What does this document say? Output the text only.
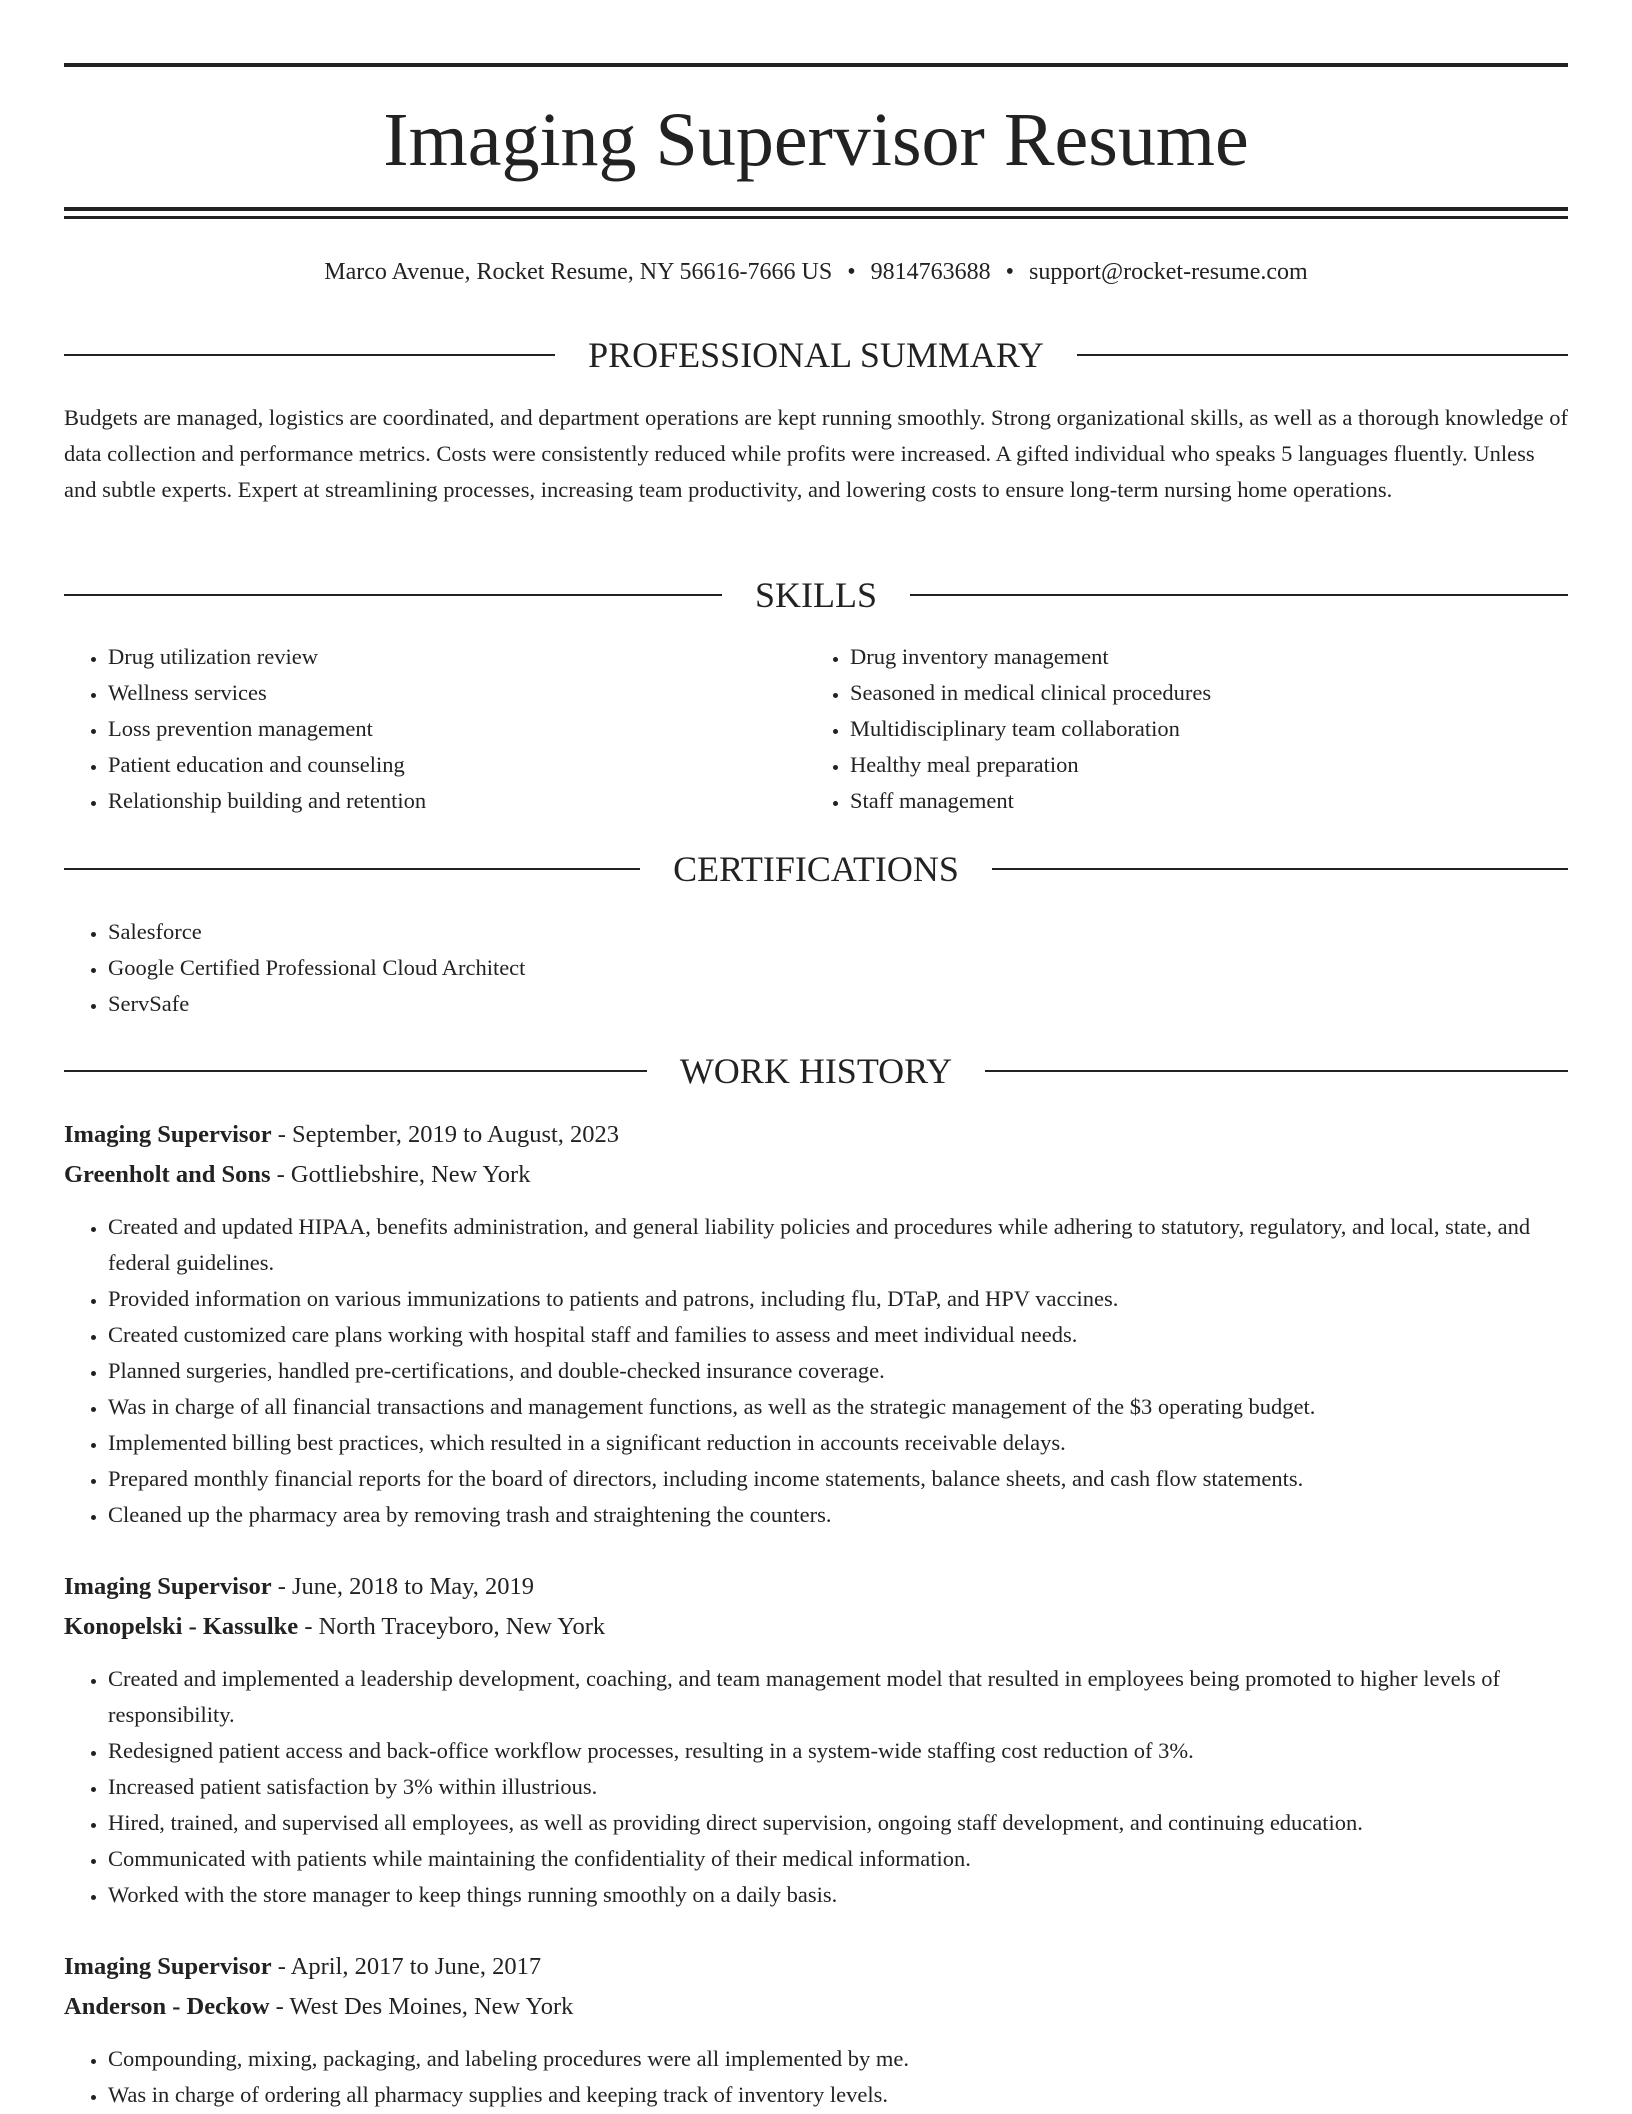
Imaging Supervisor Resume
Marco Avenue, Rocket Resume, NY 56616-7666 US • 9814763688 • support@rocket-resume.com
PROFESSIONAL SUMMARY

Budgets are managed, logistics are coordinated, and department operations are kept running smoothly. Strong organizational skills, as well as a thorough knowledge of data collection and performance metrics. Costs were consistently reduced while profits were increased. A gifted individual who speaks 5 languages fluently. Unless and subtle experts. Expert at streamlining processes, increasing team productivity, and lowering costs to ensure long-term nursing home operations.

SKILLS
• Drug utilization review
• Wellness services
• Loss prevention management
• Patient education and counseling
• Relationship building and retention
• Drug inventory management
• Seasoned in medical clinical procedures
• Multidisciplinary team collaboration
• Healthy meal preparation
• Staff management
CERTIFICATIONS
• Salesforce
• Google Certified Professional Cloud Architect
• ServSafe
WORK HISTORY
Imaging Supervisor - September, 2019 to August, 2023
Greenholt and Sons - Gottliebshire, New York
• Created and updated HIPAA, benefits administration, and general liability policies and procedures while adhering to statutory, regulatory, and local, state, and federal guidelines.
• Provided information on various immunizations to patients and patrons, including flu, DTaP, and HPV vaccines.
• Created customized care plans working with hospital staff and families to assess and meet individual needs.
• Planned surgeries, handled pre-certifications, and double-checked insurance coverage.
• Was in charge of all financial transactions and management functions, as well as the strategic management of the $3 operating budget.
• Implemented billing best practices, which resulted in a significant reduction in accounts receivable delays.
• Prepared monthly financial reports for the board of directors, including income statements, balance sheets, and cash flow statements.
• Cleaned up the pharmacy area by removing trash and straightening the counters.
Imaging Supervisor - June, 2018 to May, 2019
Konopelski - Kassulke - North Traceyboro, New York
• Created and implemented a leadership development, coaching, and team management model that resulted in employees being promoted to higher levels of responsibility.
• Redesigned patient access and back-office workflow processes, resulting in a system-wide staffing cost reduction of 3%.
• Increased patient satisfaction by 3% within illustrious.
• Hired, trained, and supervised all employees, as well as providing direct supervision, ongoing staff development, and continuing education.
• Communicated with patients while maintaining the confidentiality of their medical information.
• Worked with the store manager to keep things running smoothly on a daily basis.
Imaging Supervisor - April, 2017 to June, 2017
Anderson - Deckow - West Des Moines, New York
• Compounding, mixing, packaging, and labeling procedures were all implemented by me.
• Was in charge of ordering all pharmacy supplies and keeping track of inventory levels.
